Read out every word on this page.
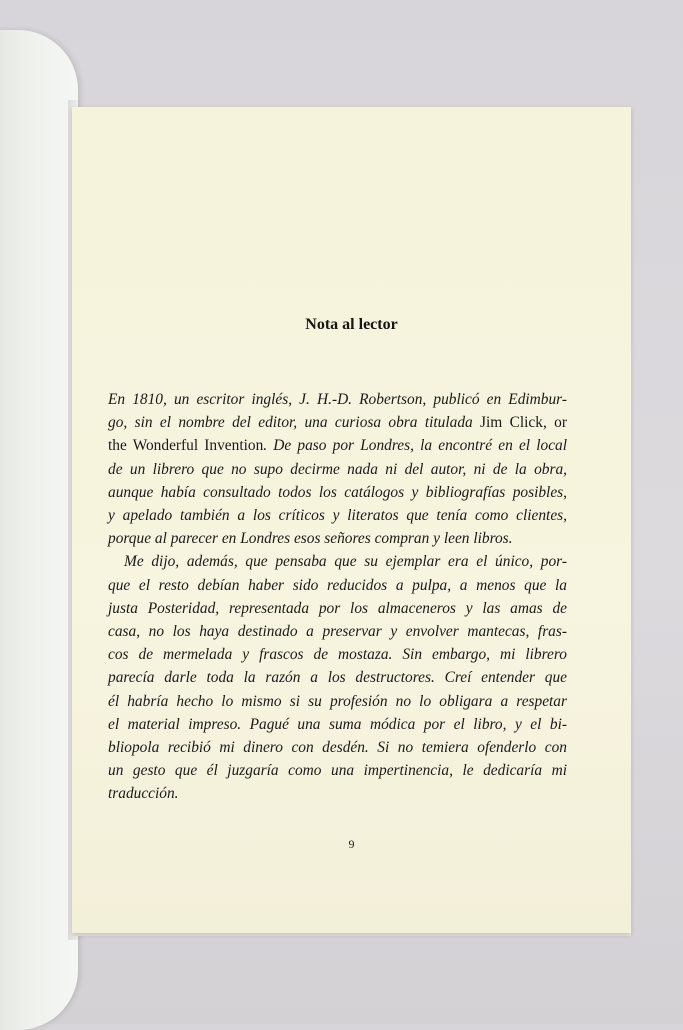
Nota al lector
En 1810, un escritor inglés, J. H.-D. Robertson, publicó en Edimbur-
go, sin el nombre del editor, una curiosa obra titulada Jim Click, or
the Wonderful Invention. De paso por Londres, la encontré en el local
de un librero que no supo decirme nada ni del autor, ni de la obra,
aunque había consultado todos los catálogos y bibliografías posibles,
y apelado también a los críticos y literatos que tenía como clientes,
porque al parecer en Londres esos señores compran y leen libros.
Me dijo, además, que pensaba que su ejemplar era el único, por-
que el resto debían haber sido reducidos a pulpa, a menos que la
justa Posteridad, representada por los almaceneros y las amas de
casa, no los haya destinado a preservar y envolver mantecas, fras-
cos de mermelada y frascos de mostaza. Sin embargo, mi librero
parecía darle toda la razón a los destructores. Creí entender que
él habría hecho lo mismo si su profesión no lo obligara a respetar
el material impreso. Pagué una suma módica por el libro, y el bi-
bliopola recibió mi dinero con desdén. Si no temiera ofenderlo con
un gesto que él juzgaría como una impertinencia, le dedicaría mi
traducción.
9
